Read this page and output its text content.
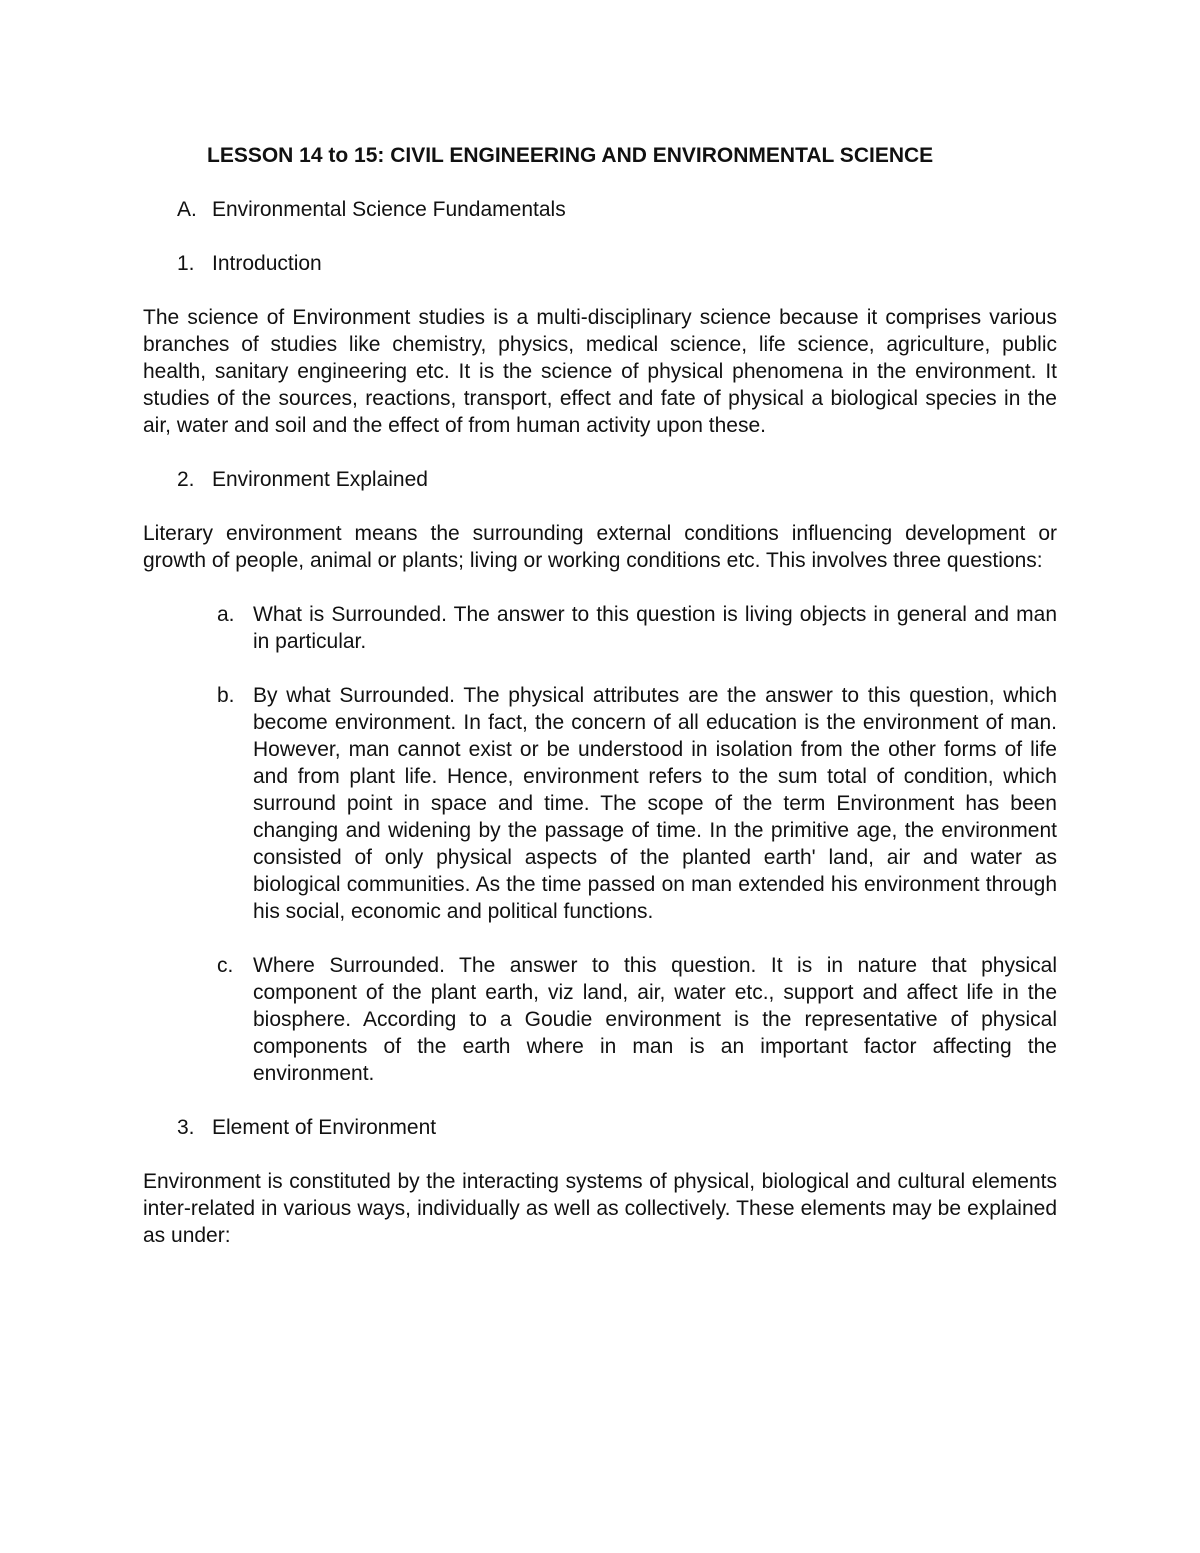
LESSON 14 to 15: CIVIL ENGINEERING AND ENVIRONMENTAL SCIENCE
A. Environmental Science Fundamentals
1. Introduction
The science of Environment studies is a multi-disciplinary science because it comprises various branches of studies like chemistry, physics, medical science, life science, agriculture, public health, sanitary engineering etc. It is the science of physical phenomena in the environment. It studies of the sources, reactions, transport, effect and fate of physical a biological species in the air, water and soil and the effect of from human activity upon these.
2. Environment Explained
Literary environment means the surrounding external conditions influencing development or growth of people, animal or plants; living or working conditions etc. This involves three questions:
a. What is Surrounded. The answer to this question is living objects in general and man in particular.
b. By what Surrounded. The physical attributes are the answer to this question, which become environment. In fact, the concern of all education is the environment of man. However, man cannot exist or be understood in isolation from the other forms of life and from plant life. Hence, environment refers to the sum total of condition, which surround point in space and time. The scope of the term Environment has been changing and widening by the passage of time. In the primitive age, the environment consisted of only physical aspects of the planted earth' land, air and water as biological communities. As the time passed on man extended his environment through his social, economic and political functions.
c. Where Surrounded. The answer to this question. It is in nature that physical component of the plant earth, viz land, air, water etc., support and affect life in the biosphere. According to a Goudie environment is the representative of physical components of the earth where in man is an important factor affecting the environment.
3. Element of Environment
Environment is constituted by the interacting systems of physical, biological and cultural elements inter-related in various ways, individually as well as collectively. These elements may be explained as under:
